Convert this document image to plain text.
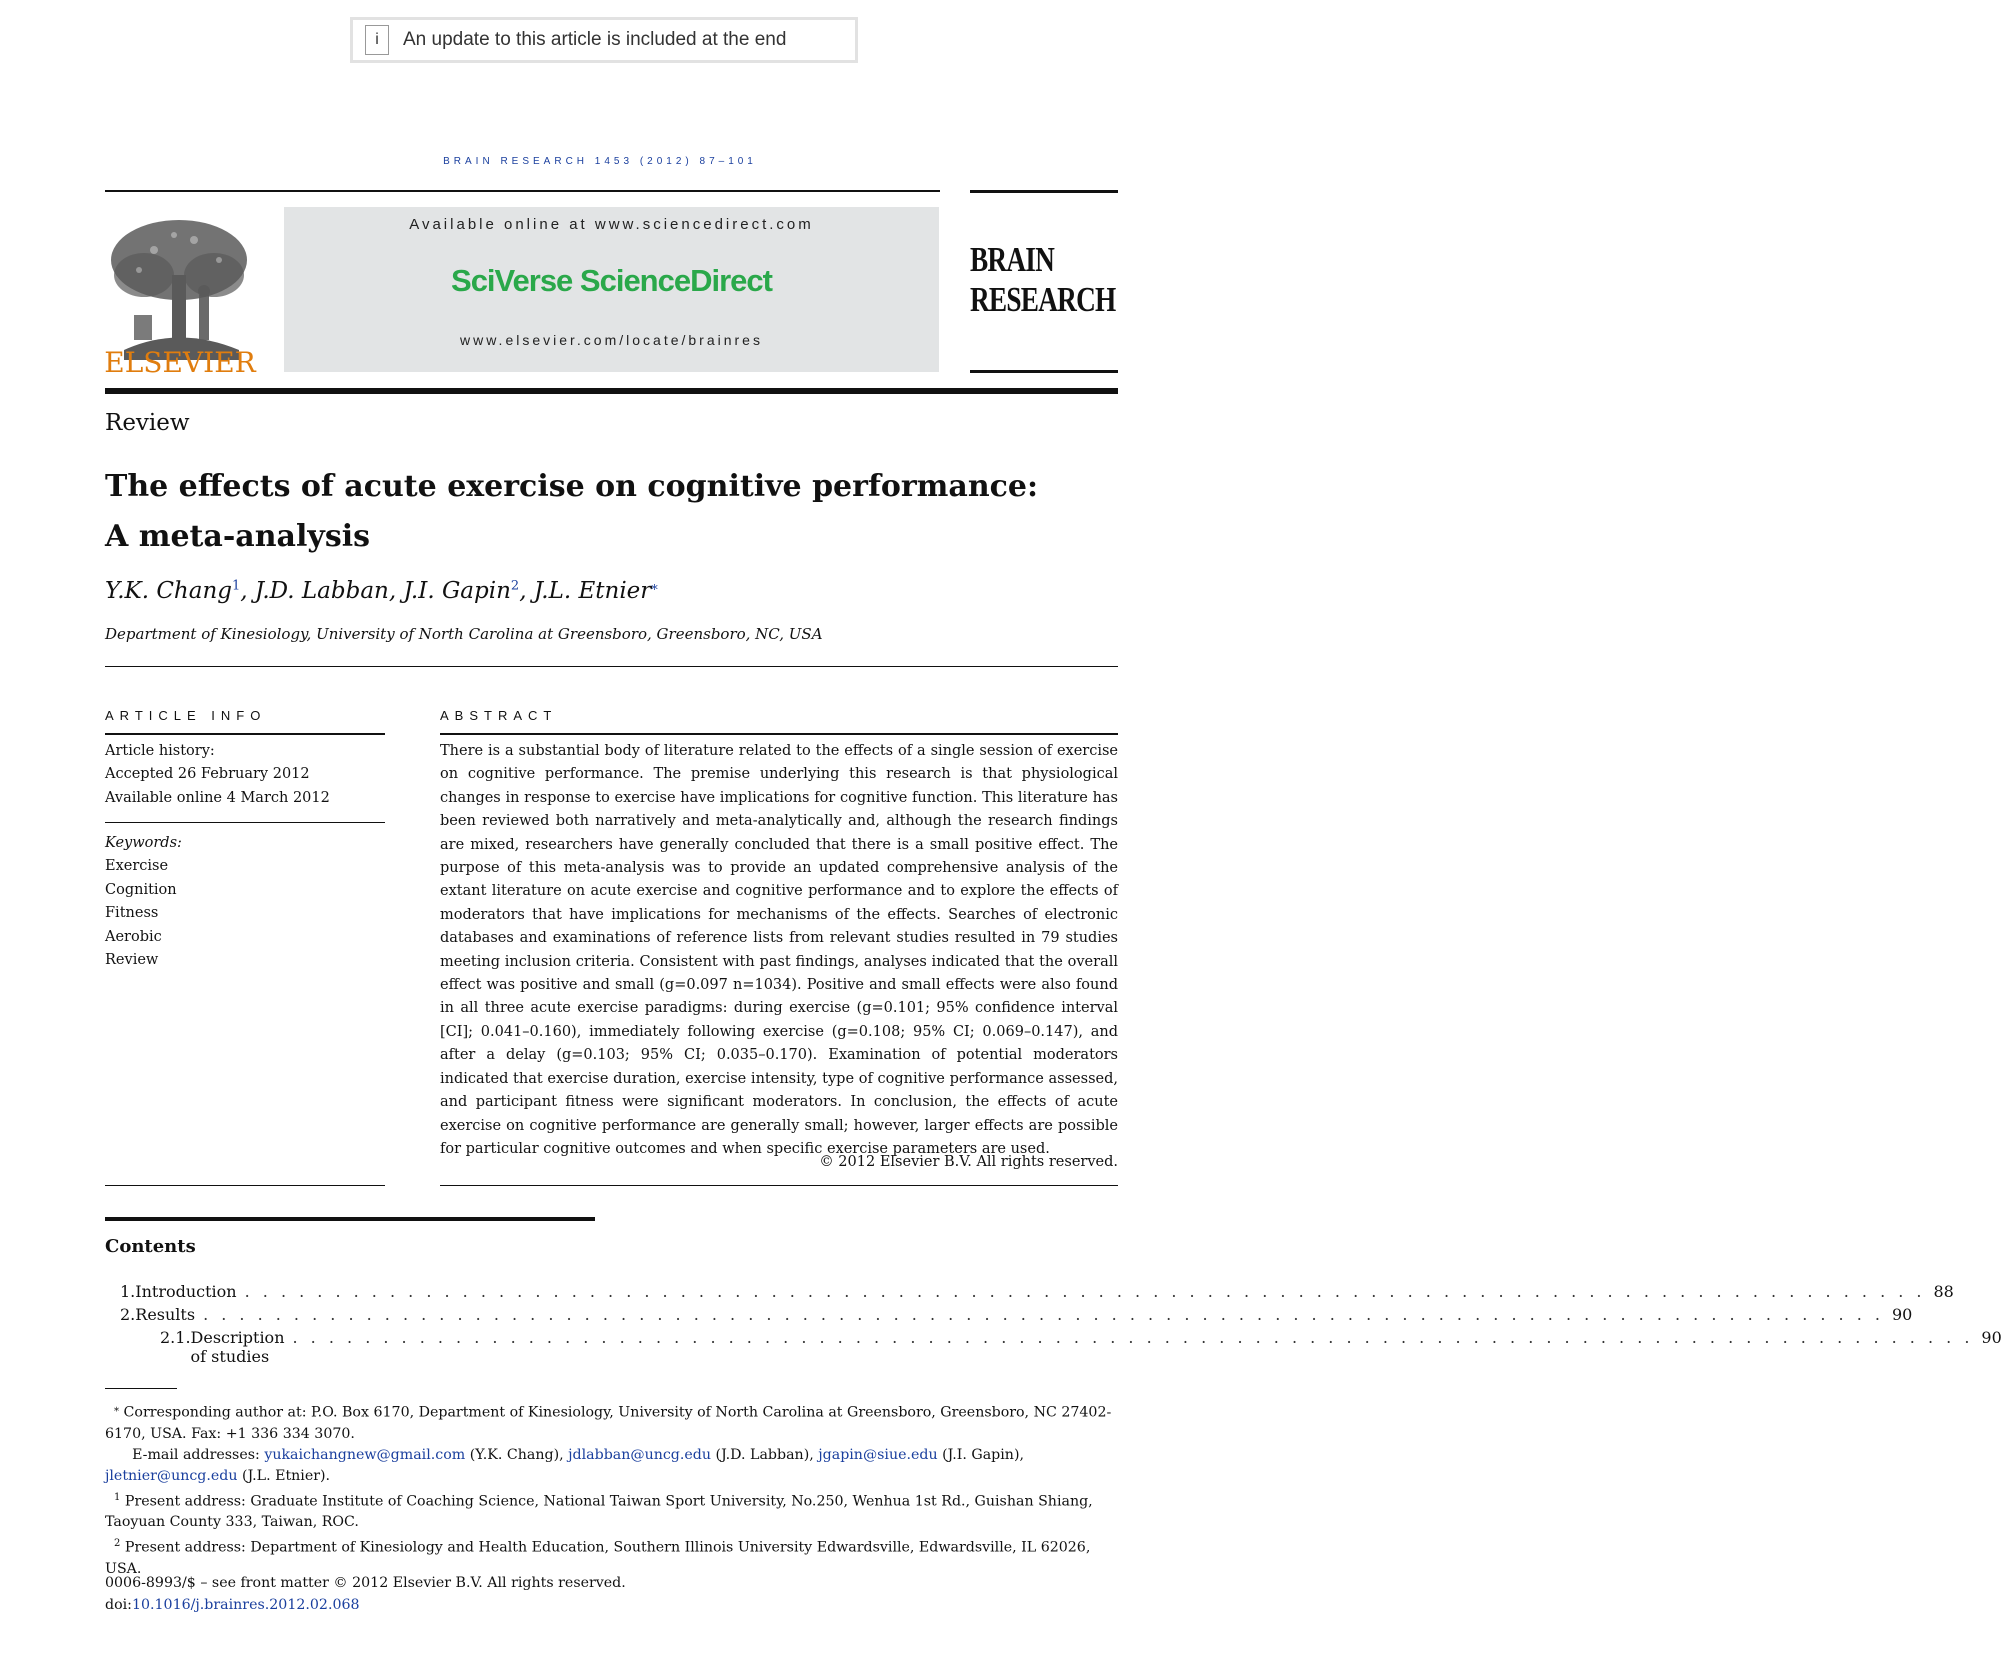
i	An update to this article is included at the end
BRAIN RESEARCH 1453 (2012) 87–101
ELSEVIER
Available online at www.sciencedirect.com
SciVerse ScienceDirect
www.elsevier.com/locate/brainres
BRAIN
RESEARCH
Review
The effects of acute exercise on cognitive performance:
A meta-analysis
Y.K. Chang$^1$, J.D. Labban, J.I. Gapin$^2$, J.L. Etnier⁎
Department of Kinesiology, University of North Carolina at Greensboro, Greensboro, NC, USA
ARTICLE INFO
Article history:
Accepted 26 February 2012
Available online 4 March 2012
Keywords:
Exercise
Cognition
Fitness
Aerobic
Review
ABSTRACT
There is a substantial body of literature related to the effects of a single session of exercise on cognitive performance. The premise underlying this research is that physiological changes in response to exercise have implications for cognitive function. This literature has been reviewed both narratively and meta-analytically and, although the research findings are mixed, researchers have generally concluded that there is a small positive effect. The purpose of this meta-analysis was to provide an updated comprehensive analysis of the extant literature on acute exercise and cognitive performance and to explore the effects of moderators that have implications for mechanisms of the effects. Searches of electronic databases and examinations of reference lists from relevant studies resulted in 79 studies meeting inclusion criteria. Consistent with past findings, analyses indicated that the overall effect was positive and small (g=0.097 n=1034). Positive and small effects were also found in all three acute exercise paradigms: during exercise (g=0.101; 95% confidence interval [CI]; 0.041–0.160), immediately following exercise (g=0.108; 95% CI; 0.069–0.147), and after a delay (g=0.103; 95% CI; 0.035–0.170). Examination of potential moderators indicated that exercise duration, exercise intensity, type of cognitive performance assessed, and participant fitness were significant moderators. In conclusion, the effects of acute exercise on cognitive performance are generally small; however, larger effects are possible for particular cognitive outcomes and when specific exercise parameters are used.
© 2012 Elsevier B.V. All rights reserved.
Contents
1. Introduction . . . . . . . . . . . . . . . . . . . . . . . . . . . . . . . . . . . . . . . . . . . . . . . . . . . . . . . . . . . . . . . . . . . . . . . . . . . . . . . . . . . . . . . . . . . . . 88
2. Results . . . . . . . . . . . . . . . . . . . . . . . . . . . . . . . . . . . . . . . . . . . . . . . . . . . . . . . . . . . . . . . . . . . . . . . . . . . . . . . . . . . . . . . . . . . . . 90
2.1. Description of studies
. . . . . . . . . . . . . . . . . . . . . . . . . . . . . . . . . . . . . . . . . . . . . . . . . . . . . . . . . . . . . . . . . . . . . . . . . . . . . . . . . . . . . . . . . . . . . 90
⁎ Corresponding author at: P.O. Box 6170, Department of Kinesiology, University of North Carolina at Greensboro, Greensboro, NC 27402-6170, USA. Fax: +1 336 334 3070.
E-mail addresses: yukaichangnew@gmail.com (Y.K. Chang), jdlabban@uncg.edu (J.D. Labban), jgapin@siue.edu (J.I. Gapin), jletnier@uncg.edu (J.L. Etnier).
$^1$ Present address: Graduate Institute of Coaching Science, National Taiwan Sport University, No.250, Wenhua 1st Rd., Guishan Shiang, Taoyuan County 333, Taiwan, ROC.
$^2$ Present address: Department of Kinesiology and Health Education, Southern Illinois University Edwardsville, Edwardsville, IL 62026, USA.
0006-8993/$ – see front matter © 2012 Elsevier B.V. All rights reserved.
doi:10.1016/j.brainres.2012.02.068
